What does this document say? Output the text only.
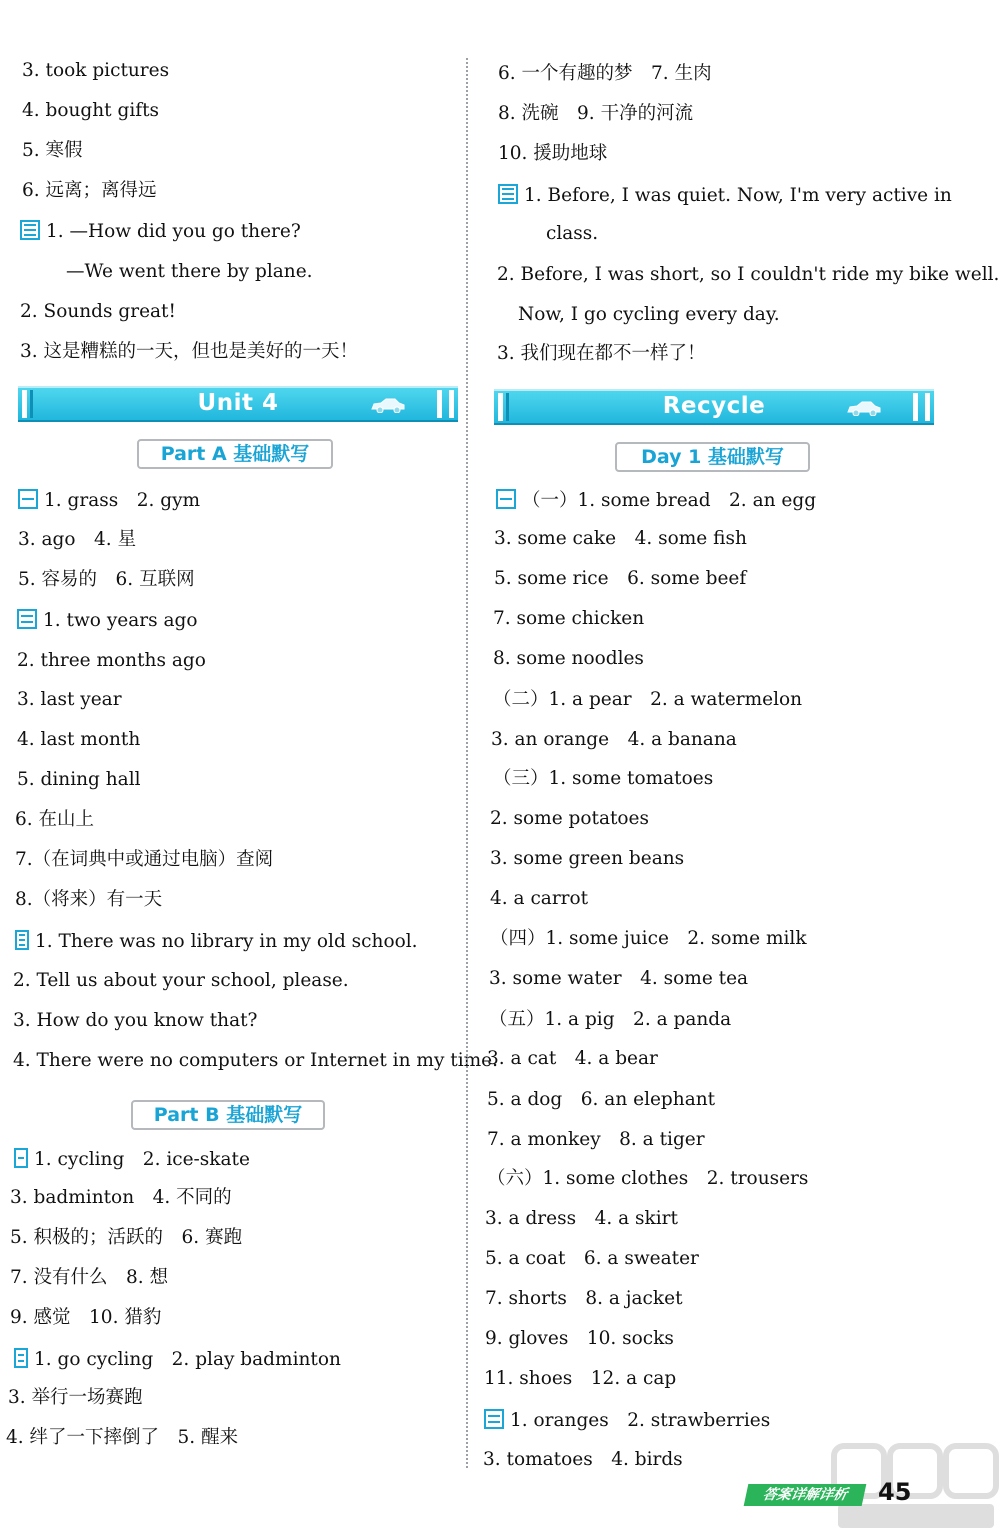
3. took pictures
4. bought gifts
5. 寒假
6. 远离；离得远
1. —How did you go there?
—We went there by plane.
2. Sounds great!
3. 这是糟糕的一天，但也是美好的一天！
Unit 4
Part A 基础默写
1. grass　2. gym
3. ago　4. 星
5. 容易的　6. 互联网
1. two years ago
2. three months ago
3. last year
4. last month
5. dining hall
6. 在山上
7.（在词典中或通过电脑）查阅
8.（将来）有一天
1. There was no library in my old school.
2. Tell us about your school, please.
3. How do you know that?
4. There were no computers or Internet in my time.
Part B 基础默写
1. cycling　2. ice-skate
3. badminton　4. 不同的
5. 积极的；活跃的　6. 赛跑
7. 没有什么　8. 想
9. 感觉　10. 猎豹
1. go cycling　2. play badminton
3. 举行一场赛跑
4. 绊了一下摔倒了　5. 醒来
6. 一个有趣的梦　7. 生肉
8. 洗碗　9. 干净的河流
10. 援助地球
1. Before, I was quiet. Now, I'm very active in
class.
2. Before, I was short, so I couldn't ride my bike well.
Now, I go cycling every day.
3. 我们现在都不一样了！
Recycle
Day 1 基础默写
（一）1. some bread　2. an egg
3. some cake　4. some fish
5. some rice　6. some beef
7. some chicken
8. some noodles
（二）1. a pear　2. a watermelon
3. an orange　4. a banana
（三）1. some tomatoes
2. some potatoes
3. some green beans
4. a carrot
（四）1. some juice　2. some milk
3. some water　4. some tea
（五）1. a pig　2. a panda
3. a cat　4. a bear
5. a dog　6. an elephant
7. a monkey　8. a tiger
（六）1. some clothes　2. trousers
3. a dress　4. a skirt
5. a coat　6. a sweater
7. shorts　8. a jacket
9. gloves　10. socks
11. shoes　12. a cap
1. oranges　2. strawberries
3. tomatoes　4. birds
答案详解详析	45
